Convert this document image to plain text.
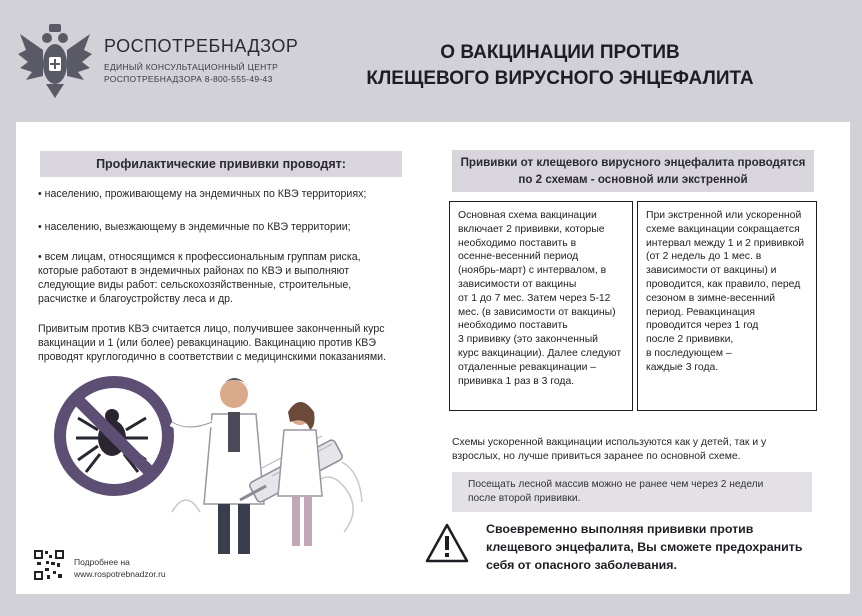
РОСПОТРЕБНАДЗОР
ЕДИНЫЙ КОНСУЛЬТАЦИОННЫЙ ЦЕНТР
РОСПОТРЕБНАДЗОРА 8-800-555-49-43
О ВАКЦИНАЦИИ ПРОТИВ
КЛЕЩЕВОГО ВИРУСНОГО ЭНЦЕФАЛИТА
Профилактические прививки проводят:
• населению, проживающему на эндемичных по КВЭ территориях;
• населению, выезжающему в эндемичные по КВЭ территории;
• всем лицам, относящимся к профессиональным группам риска,
которые работают в эндемичных районах по КВЭ и выполняют
следующие виды работ: сельскохозяйственные, строительные,
расчистке и благоустройству леса и др.
Привитым против КВЭ считается лицо, получившее законченный курс
вакцинации и 1 (или более) ревакцинацию. Вакцинацию против КВЭ
проводят круглогодично в соответствии с медицинскими показаниями.
Подробнее на
www.rospotrebnadzor.ru
Прививки от клещевого вирусного энцефалита проводятся
по 2 схемам - основной или экстренной
Основная схема вакцинации
включает 2 прививки, которые
необходимо поставить в
осенне-весенний период
(ноябрь-март) с интервалом, в
зависимости от вакцины
от 1 до 7 мес. Затем через 5-12
мес. (в зависимости от вакцины)
необходимо поставить
3 прививку (это законченный
курс вакцинации). Далее следуют
отдаленные ревакцинации –
прививка 1 раз в 3 года.
При экстренной или ускоренной
схеме вакцинации сокращается
интервал между 1 и 2 прививкой
(от 2 недель до 1 мес. в
зависимости от вакцины) и
проводится, как правило, перед
сезоном в зимне-весенний
период. Ревакцинация
проводится через 1 год
после 2 прививки,
в последующем –
каждые 3 года.
Схемы ускоренной вакцинации используются как у детей, так и у
взрослых, но лучше привиться заранее по основной схеме.
Посещать лесной массив можно не ранее чем через 2 недели
после второй прививки.
Своевременно выполняя прививки против
клещевого энцефалита, Вы сможете предохранить
себя от опасного заболевания.
